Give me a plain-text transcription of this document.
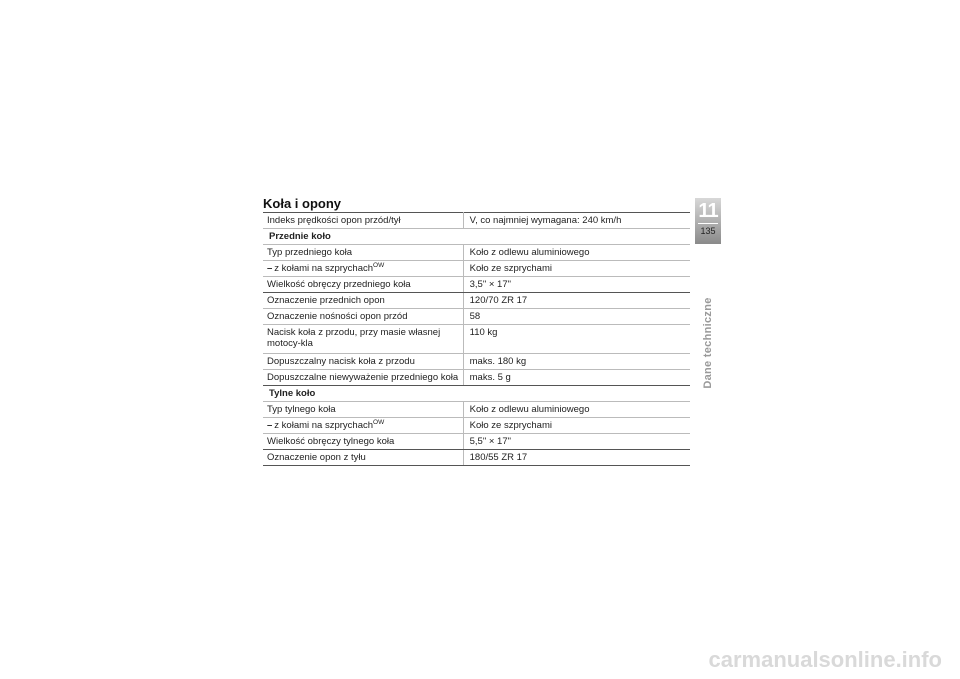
Koła i opony
Indeks prędkości opon przód/tył	V, co najmniej wymagana: 240 km/h
Przednie koło	
Typ przedniego koła	Koło z odlewu aluminiowego
– z kołami na szprychach$^{OW}$	Koło ze szprychami
Wielkość obręczy przedniego koła	3,5" × 17"
Oznaczenie przednich opon	120/70 ZR 17
Oznaczenie nośności opon przód	58
Nacisk koła z przodu, przy masie własnej motocy-kla	110 kg
Dopuszczalny nacisk koła z przodu	maks. 180 kg
Dopuszczalne niewyważenie przedniego koła	maks. 5 g
Tylne koło	
Typ tylnego koła	Koło z odlewu aluminiowego
– z kołami na szprychach$^{OW}$	Koło ze szprychami
Wielkość obręczy tylnego koła	5,5" × 17"
Oznaczenie opon z tyłu	180/55 ZR 17
11
135
Dane techniczne
carmanualsonline.info
